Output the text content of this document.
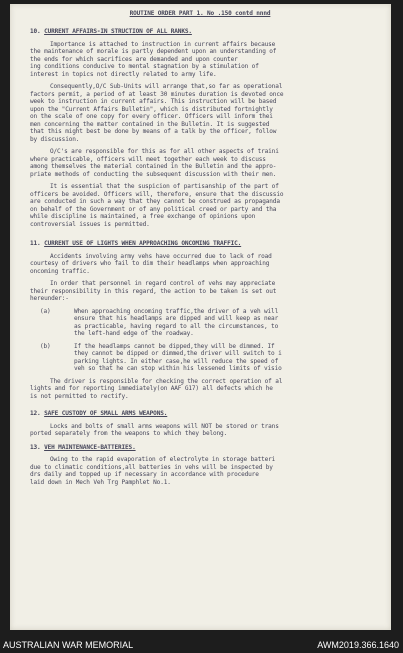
ROUTINE ORDER PART 1. No .150 contd nnnd

10. CURRENT AFFAIRS-IN STRUCTION OF ALL RANKS.
Importance is attached to instruction in current affairs because
the maintenance of morale is partly dependent upon an understanding of
the ends for which sacrifices are demanded and upon counter
ing conditions conducive to mental stagnation by a stimulation of
interest in topics not directly related to army life.
Consequently,O/C Sub-Units will arrange that,so far as operational
factors permit, a period of at least 30 minutes duration is devoted once
week to instruction in current affairs. This instruction will be based
upon the "Current Affairs Bulletin", which is distributed fortnightly
on the scale of one copy for every officer. Officers will inform thei
men concerning the matter contained in the Bulletin. It is suggested
that this might best be done by means of a talk by the officer, follow
by discussion.
O/C's are responsible for this as for all other aspects of traini
where practicable, officers will meet together each week to discuss
among themselves the material contained in the Bulletin and the appro-
priate methods of conducting the subsequent discussion with their men.
It is essential that the suspicion of partisanship of the part of
officers be avoided. Officers will, therefore, ensure that the discussio
are conducted in such a way that they cannot be construed as propaganda
on behalf of the Government or of any political creed or party and tha
while discipline is maintained, a free exchange of opinions upon
controversial issues is permitted.
11. CURRENT USE OF LIGHTS WHEN APPROACHING ONCOMING TRAFFIC.
Accidents involving army vehs have occurred due to lack of road
courtesy of drivers who fail to dim their headlamps when approaching
oncoming traffic.
In order that personnel in regard control of vehs may appreciate
their responsibility in this regard, the action to be taken is set out
hereunder:-
(a)	When approaching oncoming traffic,the driver of a veh will
ensure that his headlamps are dipped and will keep as near
as practicable, having regard to all the circumstances, to
the left-hand edge of the roadway.
(b)	If the headlamps cannot be dipped,they will be dimmed. If
they cannot be dipped or dimmed,the driver will switch to i
parking lights. In either case,he will reduce the speed of
veh so that he can stop within his lessened limits of visio
The driver is responsible for checking the correct operation of al
lights and for reporting immediately(on AAF G17) all defects which he
is not permitted to rectify.
12. SAFE CUSTODY OF SMALL ARMS WEAPONS.
Locks and bolts of small arms weapons will NOT be stored or trans
ported separately from the weapons to which they belong.
13. VEH MAINTENANCE-BATTERIES.
Owing to the rapid evaporation of electrolyte in storage batteri
due to climatic conditions,all batteries in vehs will be inspected by
drs daily and topped up if necessary in accordance with procedure
laid down in Mech Veh Trg Pamphlet No.1.

AUSTRALIAN WAR MEMORIAL	AWM2019.366.1640
